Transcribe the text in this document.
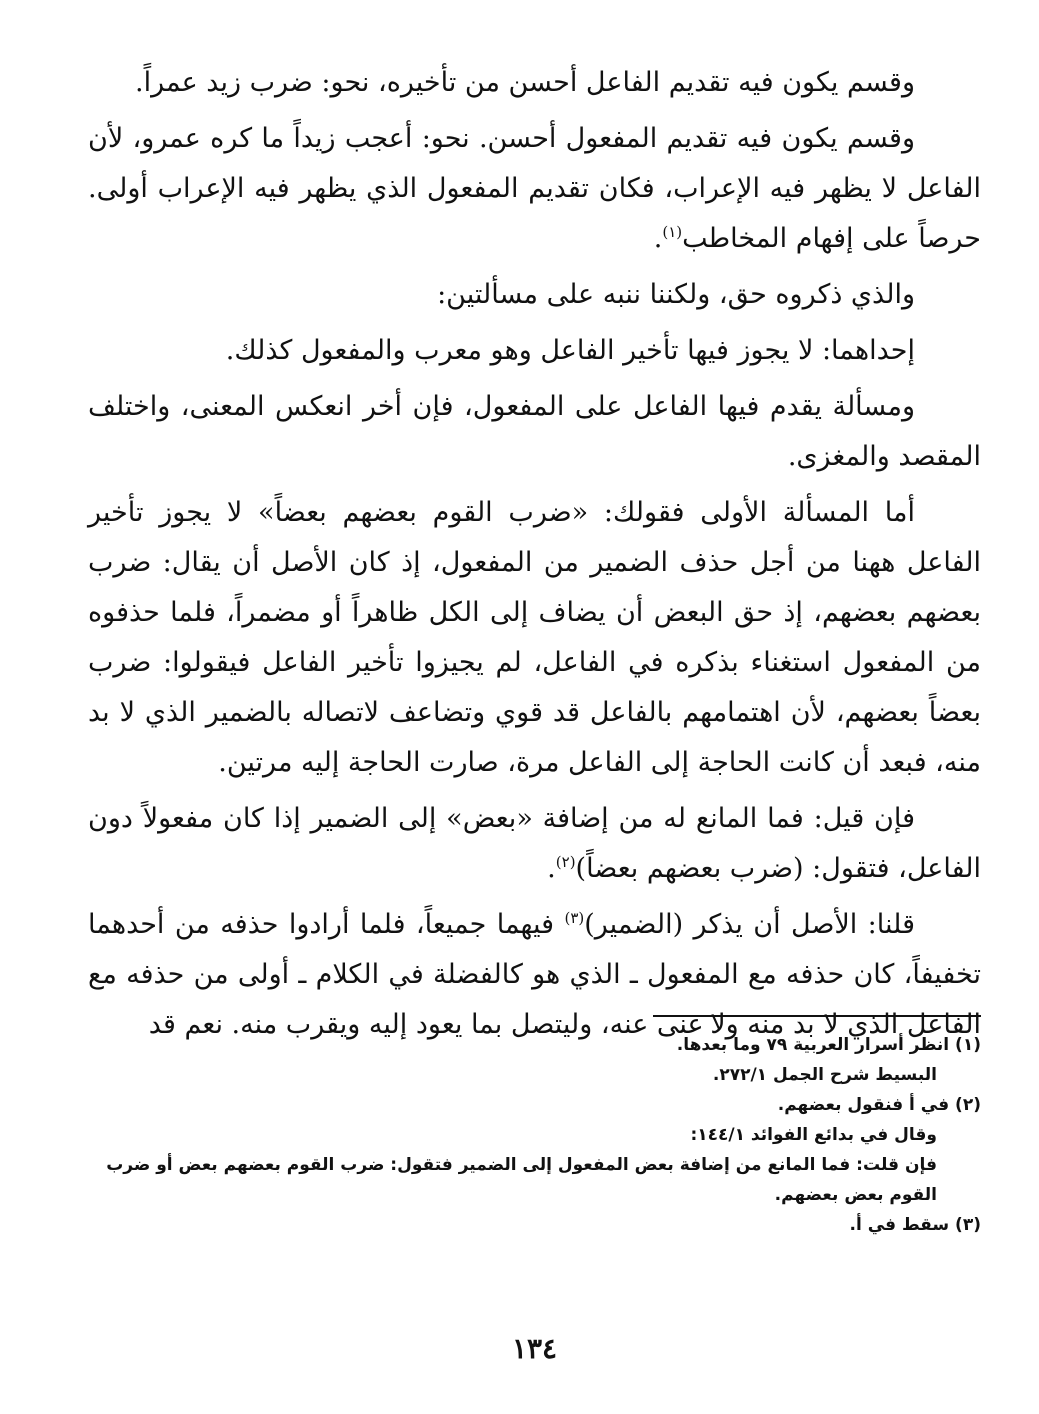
وقسم يكون فيه تقديم الفاعل أحسن من تأخيره، نحو: ضرب زيد عمراً.

وقسم يكون فيه تقديم المفعول أحسن. نحو: أعجب زيداً ما كره عمرو، لأن الفاعل لا يظهر فيه الإعراب، فكان تقديم المفعول الذي يظهر فيه الإعراب أولى. حرصاً على إفهام المخاطب$^{(١)}$.

والذي ذكروه حق، ولكننا ننبه على مسألتين:

إحداهما: لا يجوز فيها تأخير الفاعل وهو معرب والمفعول كذلك.

ومسألة يقدم فيها الفاعل على المفعول، فإن أخر انعكس المعنى، واختلف المقصد والمغزى.

أما المسألة الأولى فقولك: «ضرب القوم بعضهم بعضاً» لا يجوز تأخير الفاعل ههنا من أجل حذف الضمير من المفعول، إذ كان الأصل أن يقال: ضرب بعضهم بعضهم، إذ حق البعض أن يضاف إلى الكل ظاهراً أو مضمراً، فلما حذفوه من المفعول استغناء بذكره في الفاعل، لم يجيزوا تأخير الفاعل فيقولوا: ضرب بعضاً بعضهم، لأن اهتمامهم بالفاعل قد قوي وتضاعف لاتصاله بالضمير الذي لا بد منه، فبعد أن كانت الحاجة إلى الفاعل مرة، صارت الحاجة إليه مرتين.

فإن قيل: فما المانع له من إضافة «بعض» إلى الضمير إذا كان مفعولاً دون الفاعل، فتقول: (ضرب بعضهم بعضاً)$^{(٢)}$.

قلنا: الأصل أن يذكر (الضمير)$^{(٣)}$ فيهما جميعاً، فلما أرادوا حذفه من أحدهما تخفيفاً، كان حذفه مع المفعول ـ الذي هو كالفضلة في الكلام ـ أولى من حذفه مع الفاعل الذي لا بد منه ولا غنى عنه، وليتصل بما يعود إليه ويقرب منه. نعم قد

(١) انظر أسرار العربية ٧٩ وما بعدها.

البسيط شرح الجمل ٢٧٢/١.

(٢) في أ فنقول بعضهم.

وقال في بدائع الفوائد ١٤٤/١:

فإن قلت: فما المانع من إضافة بعض المفعول إلى الضمير فتقول: ضرب القوم بعضهم بعض أو ضرب القوم بعض بعضهم.

(٣) سقط في أ.

١٣٤
